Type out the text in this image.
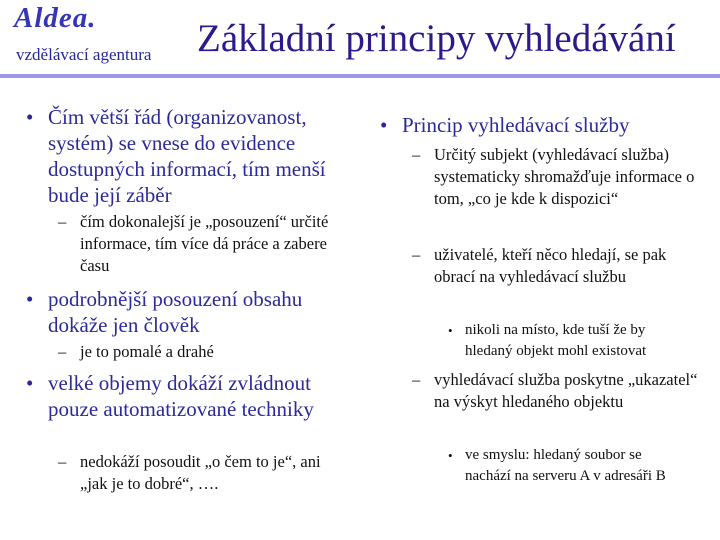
Aldea.
vzdělávací agentura Základní principy vyhledávání
• Čím větší řád (organizovanost, systém) se vnese do evidence dostupných informací, tím menší bude její záběr
– čím dokonalejší je „posouzení“ určité informace, tím více dá práce a zabere času
• podrobnější posouzení obsahu dokáže jen člověk
– je to pomalé a drahé
• velké objemy dokáží zvládnout pouze automatizované techniky
– nedokáží posoudit „o čem to je“, ani „jak je to dobré“, ….
• Princip vyhledávací služby
– Určitý subjekt (vyhledávací služba) systematicky shromažďuje informace o tom, „co je kde k dispozici“
– uživatelé, kteří něco hledají, se pak obrací na vyhledávací službu
• nikoli na místo, kde tuší že by hledaný objekt mohl existovat
– vyhledávací služba poskytne „ukazatel“ na výskyt hledaného objektu
• ve smyslu: hledaný soubor se nachází na serveru A v adresáři B
